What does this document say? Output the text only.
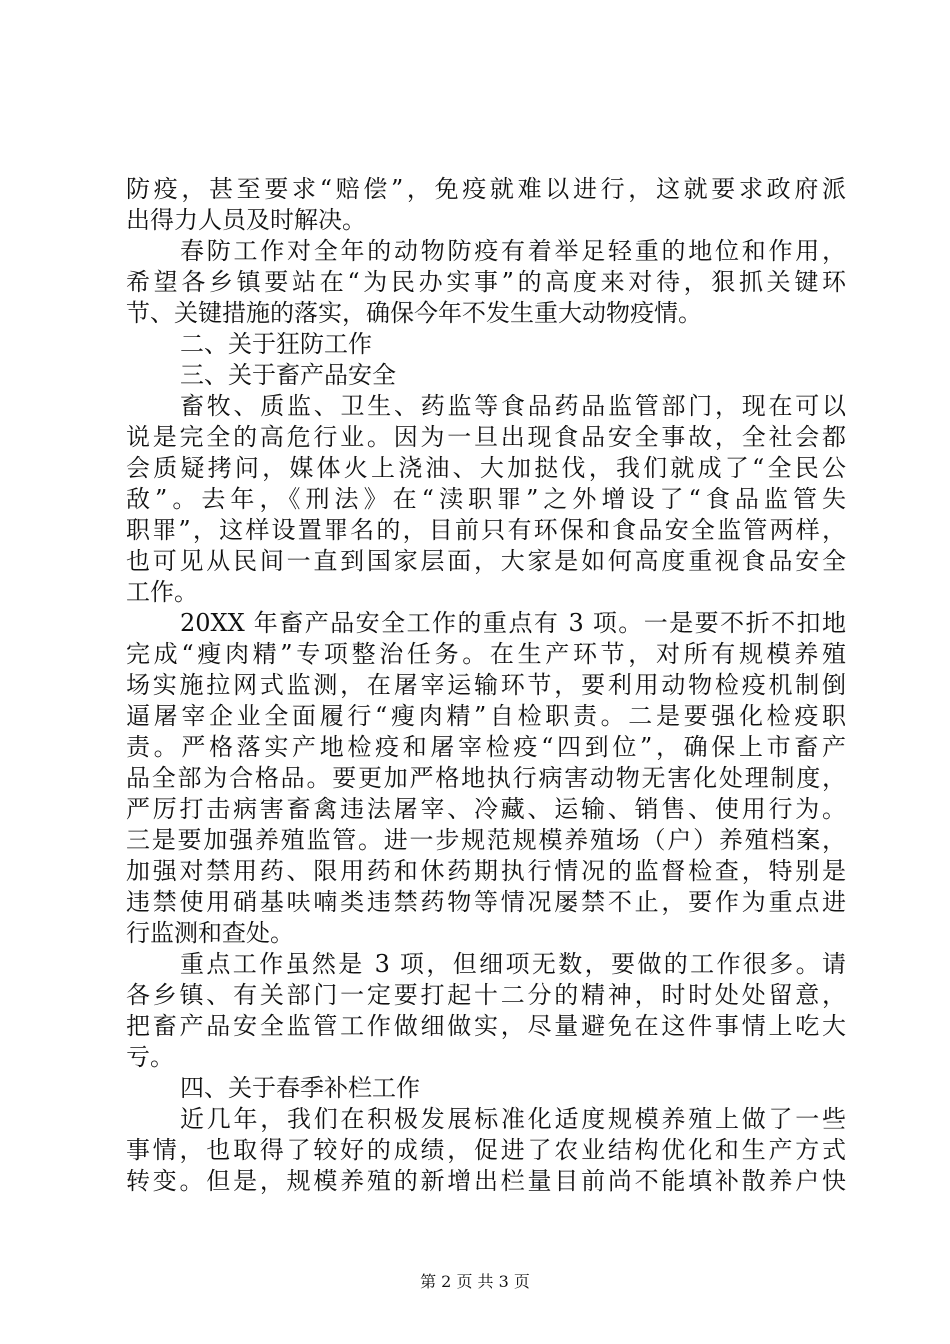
防疫，甚至要求“赔偿”，免疫就难以进行，这就要求政府派
出得力人员及时解决。
春防工作对全年的动物防疫有着举足轻重的地位和作用，
希望各乡镇要站在“为民办实事”的高度来对待，狠抓关键环
节、关键措施的落实，确保今年不发生重大动物疫情。
二、关于狂防工作
三、关于畜产品安全
畜牧、质监、卫生、药监等食品药品监管部门，现在可以
说是完全的高危行业。因为一旦出现食品安全事故，全社会都
会质疑拷问，媒体火上浇油、大加挞伐，我们就成了“全民公
敌”。去年，《刑法》在“渎职罪”之外增设了“食品监管失
职罪”，这样设置罪名的，目前只有环保和食品安全监管两样，
也可见从民间一直到国家层面，大家是如何高度重视食品安全
工作。
20XX 年畜产品安全工作的重点有 3 项。一是要不折不扣地
完成“瘦肉精”专项整治任务。在生产环节，对所有规模养殖
场实施拉网式监测，在屠宰运输环节，要利用动物检疫机制倒
逼屠宰企业全面履行“瘦肉精”自检职责。二是要强化检疫职
责。严格落实产地检疫和屠宰检疫“四到位”，确保上市畜产
品全部为合格品。要更加严格地执行病害动物无害化处理制度，
严厉打击病害畜禽违法屠宰、冷藏、运输、销售、使用行为。
三是要加强养殖监管。进一步规范规模养殖场（户）养殖档案，
加强对禁用药、限用药和休药期执行情况的监督检查，特别是
违禁使用硝基呋喃类违禁药物等情况屡禁不止，要作为重点进
行监测和查处。
重点工作虽然是 3 项，但细项无数，要做的工作很多。请
各乡镇、有关部门一定要打起十二分的精神，时时处处留意，
把畜产品安全监管工作做细做实，尽量避免在这件事情上吃大
亏。
四、关于春季补栏工作
近几年，我们在积极发展标准化适度规模养殖上做了一些
事情，也取得了较好的成绩，促进了农业结构优化和生产方式
转变。但是，规模养殖的新增出栏量目前尚不能填补散养户快
第 2 页 共 3 页
